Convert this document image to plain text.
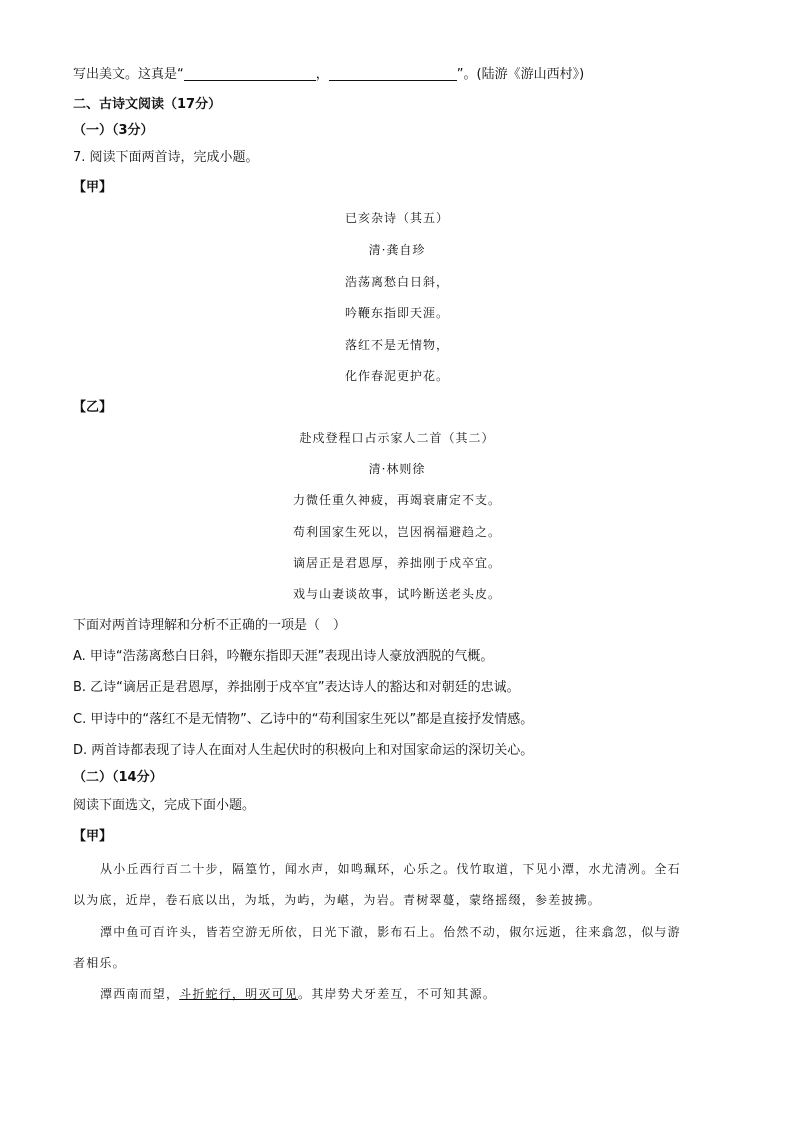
写出美文。这真是“	，	”。(陆游《游山西村》)
二、古诗文阅读（17分）
（一）（3分）
7. 阅读下面两首诗，完成小题。
【甲】
已亥杂诗（其五）
清·龚自珍
浩荡离愁白日斜，
吟鞭东指即天涯。
落红不是无情物，
化作春泥更护花。
【乙】
赴戍登程口占示家人二首（其二）
清·林则徐
力微任重久神疲，再竭衰庸定不支。
苟利国家生死以，岂因祸福避趋之。
谪居正是君恩厚，养拙刚于戍卒宜。
戏与山妻谈故事，试吟断送老头皮。
下面对两首诗理解和分析不正确的一项是（　）
A. 甲诗“浩荡离愁白日斜，吟鞭东指即天涯”表现出诗人豪放洒脱的气概。
B. 乙诗“谪居正是君恩厚，养拙刚于戍卒宜”表达诗人的豁达和对朝廷的忠诚。
C. 甲诗中的“落红不是无情物”、乙诗中的“苟利国家生死以”都是直接抒发情感。
D. 两首诗都表现了诗人在面对人生起伏时的积极向上和对国家命运的深切关心。
（二）（14分）
阅读下面选文，完成下面小题。
【甲】
从小丘西行百二十步，隔篁竹，闻水声，如鸣珮环，心乐之。伐竹取道，下见小潭，水尤清冽。全石
以为底，近岸，卷石底以出，为坻，为屿，为嵁，为岩。青树翠蔓，蒙络摇缀，参差披拂。
潭中鱼可百许头，皆若空游无所依，日光下澈，影布石上。佁然不动，俶尔远逝，往来翕忽，似与游
者相乐。
潭西南而望，斗折蛇行，明灭可见。其岸势犬牙差互，不可知其源。
